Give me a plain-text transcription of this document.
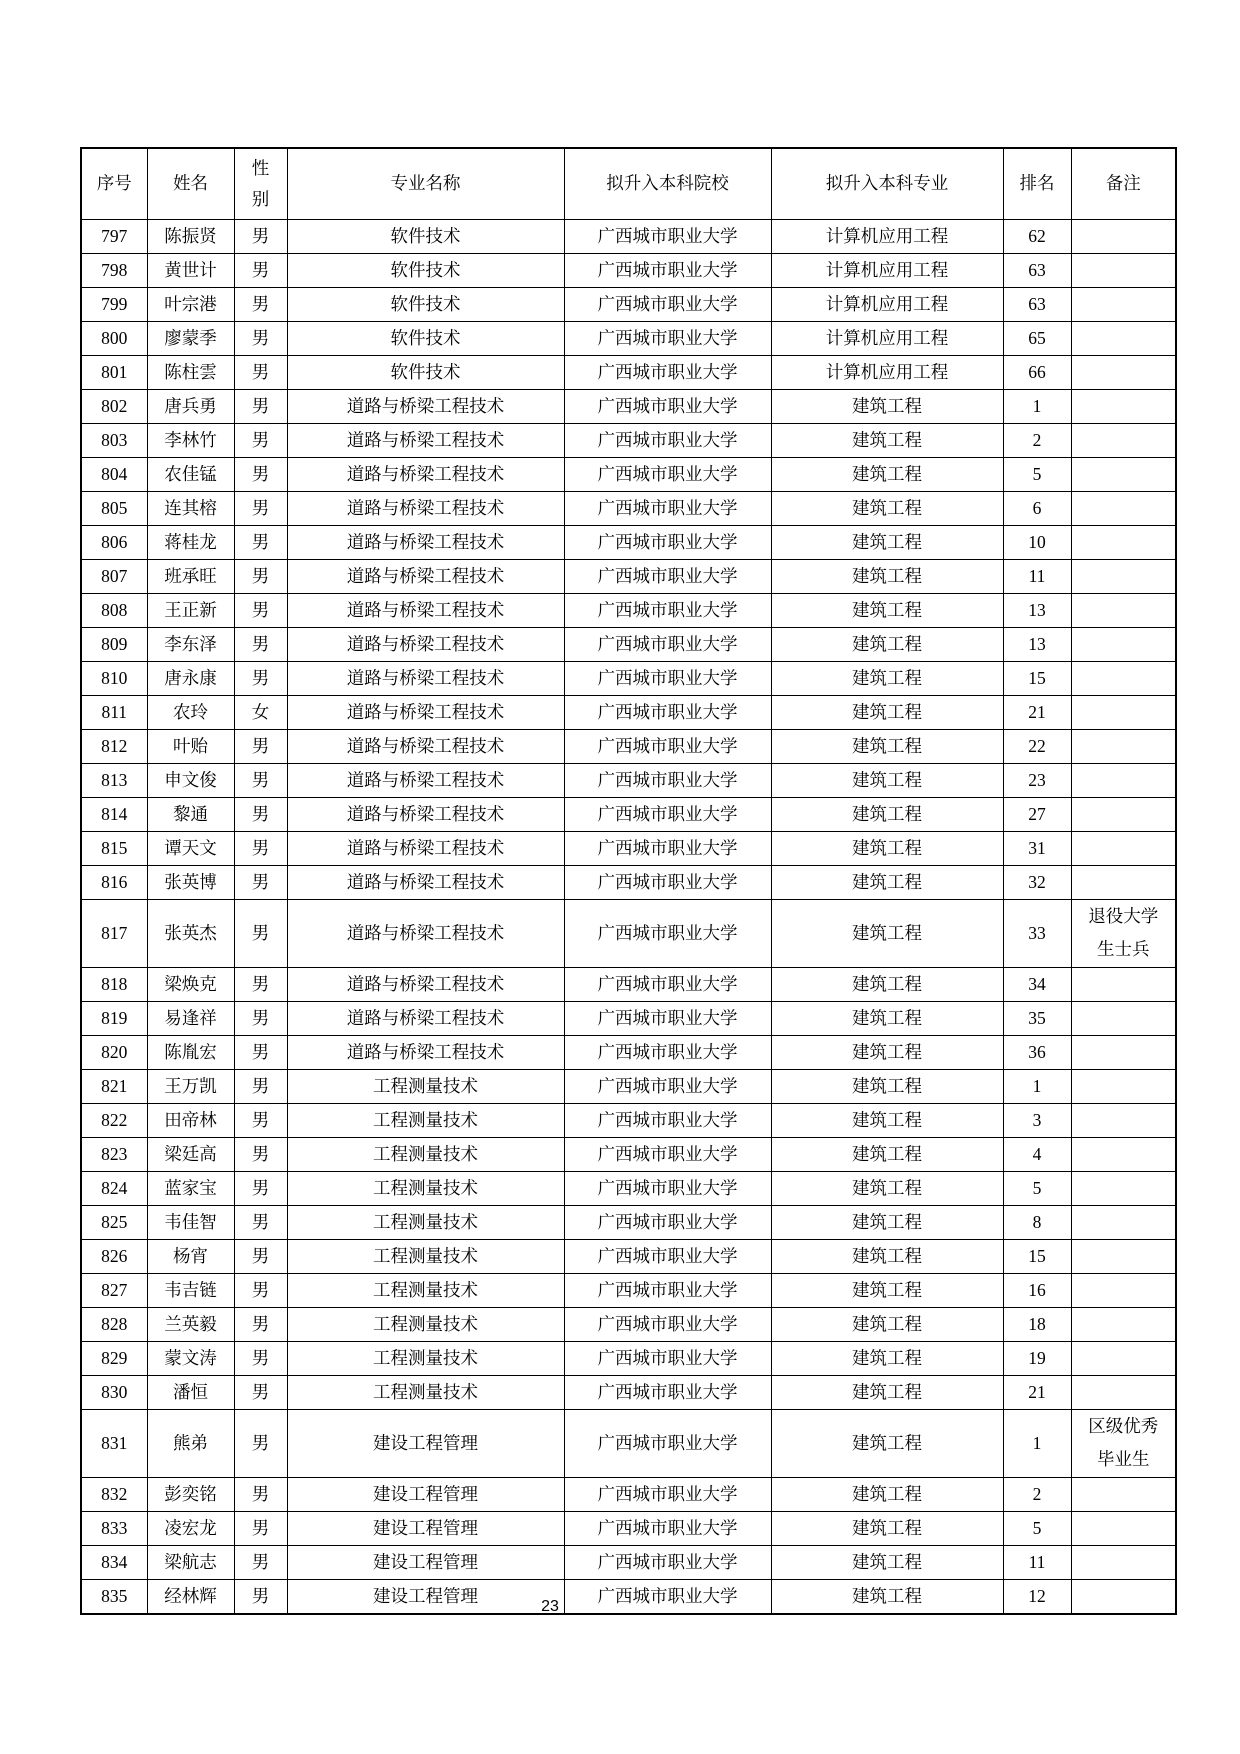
序号	姓名	性别	专业名称	拟升入本科院校	拟升入本科专业	排名	备注
797	陈振贤	男	软件技术	广西城市职业大学	计算机应用工程	62	
798	黄世计	男	软件技术	广西城市职业大学	计算机应用工程	63	
799	叶宗港	男	软件技术	广西城市职业大学	计算机应用工程	63	
800	廖蒙季	男	软件技术	广西城市职业大学	计算机应用工程	65	
801	陈柱雲	男	软件技术	广西城市职业大学	计算机应用工程	66	
802	唐兵勇	男	道路与桥梁工程技术	广西城市职业大学	建筑工程	1	
803	李林竹	男	道路与桥梁工程技术	广西城市职业大学	建筑工程	2	
804	农佳锰	男	道路与桥梁工程技术	广西城市职业大学	建筑工程	5	
805	连其榕	男	道路与桥梁工程技术	广西城市职业大学	建筑工程	6	
806	蒋桂龙	男	道路与桥梁工程技术	广西城市职业大学	建筑工程	10	
807	班承旺	男	道路与桥梁工程技术	广西城市职业大学	建筑工程	11	
808	王正新	男	道路与桥梁工程技术	广西城市职业大学	建筑工程	13	
809	李东泽	男	道路与桥梁工程技术	广西城市职业大学	建筑工程	13	
810	唐永康	男	道路与桥梁工程技术	广西城市职业大学	建筑工程	15	
811	农玲	女	道路与桥梁工程技术	广西城市职业大学	建筑工程	21	
812	叶贻	男	道路与桥梁工程技术	广西城市职业大学	建筑工程	22	
813	申文俊	男	道路与桥梁工程技术	广西城市职业大学	建筑工程	23	
814	黎通	男	道路与桥梁工程技术	广西城市职业大学	建筑工程	27	
815	谭天文	男	道路与桥梁工程技术	广西城市职业大学	建筑工程	31	
816	张英博	男	道路与桥梁工程技术	广西城市职业大学	建筑工程	32	
817	张英杰	男	道路与桥梁工程技术	广西城市职业大学	建筑工程	33	退役大学生士兵
818	梁焕克	男	道路与桥梁工程技术	广西城市职业大学	建筑工程	34	
819	易逢祥	男	道路与桥梁工程技术	广西城市职业大学	建筑工程	35	
820	陈胤宏	男	道路与桥梁工程技术	广西城市职业大学	建筑工程	36	
821	王万凯	男	工程测量技术	广西城市职业大学	建筑工程	1	
822	田帝林	男	工程测量技术	广西城市职业大学	建筑工程	3	
823	梁廷高	男	工程测量技术	广西城市职业大学	建筑工程	4	
824	蓝家宝	男	工程测量技术	广西城市职业大学	建筑工程	5	
825	韦佳智	男	工程测量技术	广西城市职业大学	建筑工程	8	
826	杨宵	男	工程测量技术	广西城市职业大学	建筑工程	15	
827	韦吉链	男	工程测量技术	广西城市职业大学	建筑工程	16	
828	兰英毅	男	工程测量技术	广西城市职业大学	建筑工程	18	
829	蒙文涛	男	工程测量技术	广西城市职业大学	建筑工程	19	
830	潘恒	男	工程测量技术	广西城市职业大学	建筑工程	21	
831	熊弟	男	建设工程管理	广西城市职业大学	建筑工程	1	区级优秀毕业生
832	彭奕铭	男	建设工程管理	广西城市职业大学	建筑工程	2	
833	凌宏龙	男	建设工程管理	广西城市职业大学	建筑工程	5	
834	梁航志	男	建设工程管理	广西城市职业大学	建筑工程	11	
835	经林辉	男	建设工程管理	广西城市职业大学	建筑工程	12	
23
